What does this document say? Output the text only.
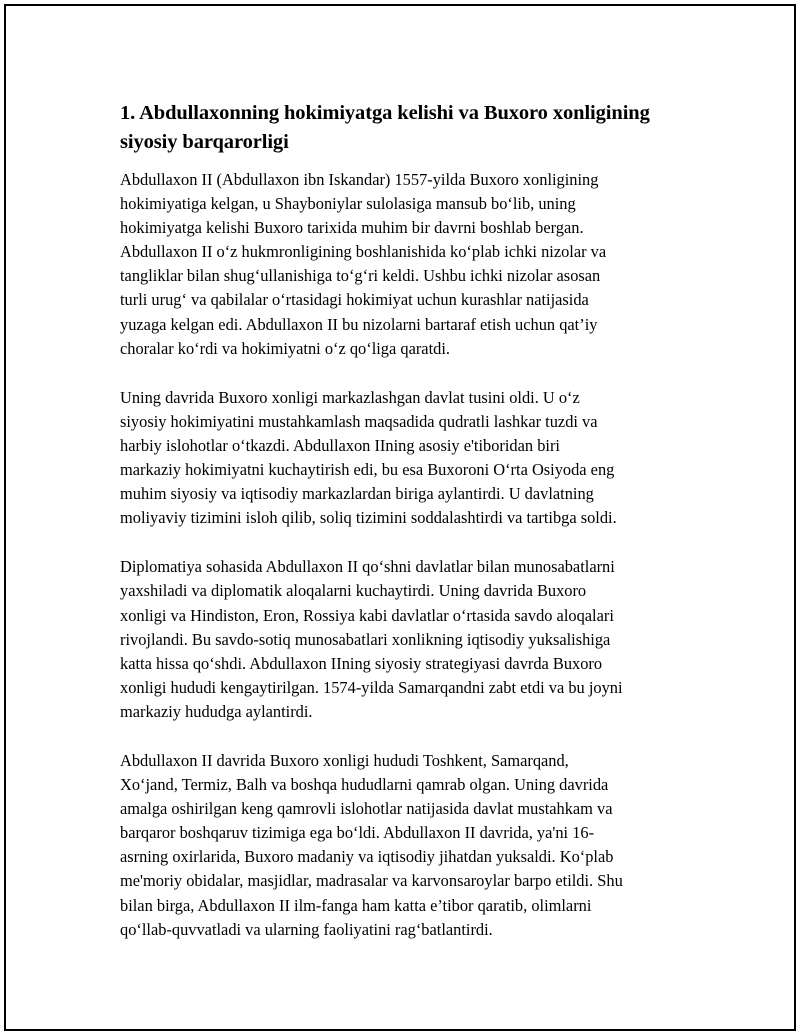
1. Abdullaxonning hokimiyatga kelishi va Buxoro xonligining
siyosiy barqarorligi

Abdullaxon II (Abdullaxon ibn Iskandar) 1557-yilda Buxoro xonligining
hokimiyatiga kelgan, u Shayboniylar sulolasiga mansub bo‘lib, uning
hokimiyatga kelishi Buxoro tarixida muhim bir davrni boshlab bergan.
Abdullaxon II o‘z hukmronligining boshlanishida ko‘plab ichki nizolar va
tangliklar bilan shug‘ullanishiga to‘g‘ri keldi. Ushbu ichki nizolar asosan
turli urug‘ va qabilalar o‘rtasidagi hokimiyat uchun kurashlar natijasida
yuzaga kelgan edi. Abdullaxon II bu nizolarni bartaraf etish uchun qat’iy
choralar ko‘rdi va hokimiyatni o‘z qo‘liga qaratdi.

Uning davrida Buxoro xonligi markazlashgan davlat tusini oldi. U o‘z
siyosiy hokimiyatini mustahkamlash maqsadida qudratli lashkar tuzdi va
harbiy islohotlar o‘tkazdi. Abdullaxon IIning asosiy e'tiboridan biri
markaziy hokimiyatni kuchaytirish edi, bu esa Buxoroni O‘rta Osiyoda eng
muhim siyosiy va iqtisodiy markazlardan biriga aylantirdi. U davlatning
moliyaviy tizimini isloh qilib, soliq tizimini soddalashtirdi va tartibga soldi.

Diplomatiya sohasida Abdullaxon II qo‘shni davlatlar bilan munosabatlarni
yaxshiladi va diplomatik aloqalarni kuchaytirdi. Uning davrida Buxoro
xonligi va Hindiston, Eron, Rossiya kabi davlatlar o‘rtasida savdo aloqalari
rivojlandi. Bu savdo-sotiq munosabatlari xonlikning iqtisodiy yuksalishiga
katta hissa qo‘shdi. Abdullaxon IIning siyosiy strategiyasi davrda Buxoro
xonligi hududi kengaytirilgan. 1574-yilda Samarqandni zabt etdi va bu joyni
markaziy hududga aylantirdi.

Abdullaxon II davrida Buxoro xonligi hududi Toshkent, Samarqand,
Xo‘jand, Termiz, Balh va boshqa hududlarni qamrab olgan. Uning davrida
amalga oshirilgan keng qamrovli islohotlar natijasida davlat mustahkam va
barqaror boshqaruv tizimiga ega bo‘ldi. Abdullaxon II davrida, ya'ni 16-
asrning oxirlarida, Buxoro madaniy va iqtisodiy jihatdan yuksaldi. Ko‘plab
me'moriy obidalar, masjidlar, madrasalar va karvonsaroylar barpo etildi. Shu
bilan birga, Abdullaxon II ilm-fanga ham katta e’tibor qaratib, olimlarni
qo‘llab-quvvatladi va ularning faoliyatini rag‘batlantirdi.
